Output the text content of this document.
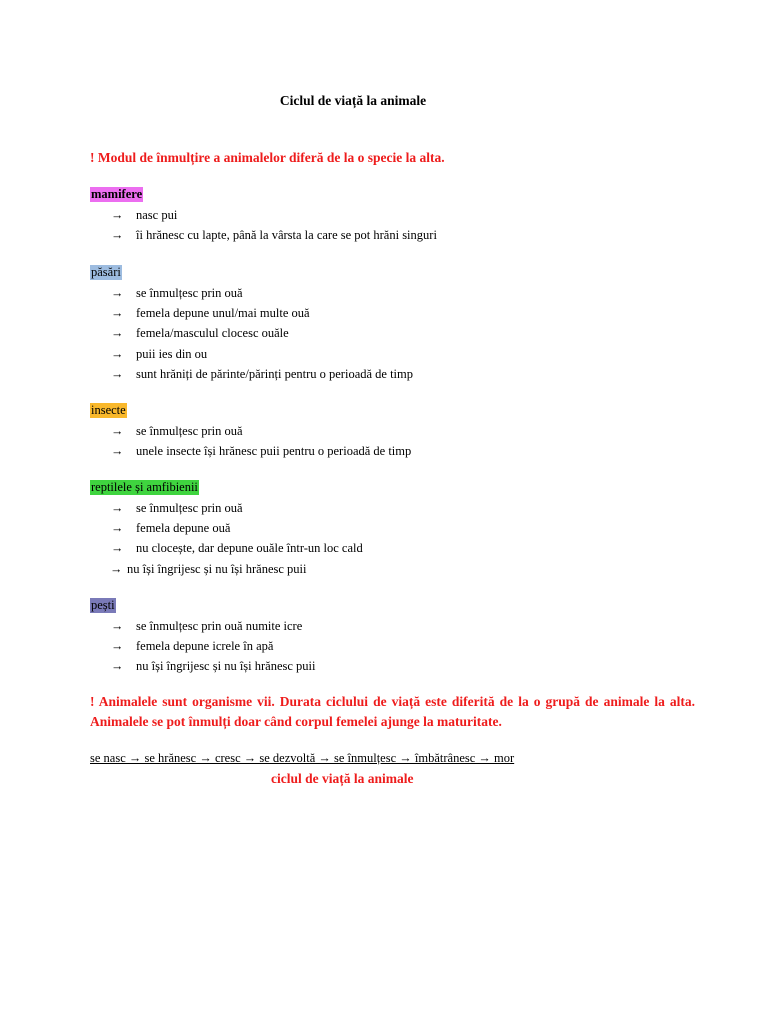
Ciclul de viață la animale
! Modul de înmulțire a animalelor diferă de la o specie la alta.
mamifere
→ nasc pui
→ îi hrănesc cu lapte, până la vârsta la care se pot hrăni singuri
păsări
→ se înmulțesc prin ouă
→ femela depune unul/mai multe ouă
→ femela/masculul clocesc ouăle
→ puii ies din ou
→ sunt hrăniți de părinte/părinți pentru o perioadă de timp
insecte
→ se înmulțesc prin ouă
→ unele insecte își hrănesc puii pentru o perioadă de timp
reptilele și amfibienii
→ se înmulțesc prin ouă
→ femela depune ouă
→ nu clocește, dar depune ouăle într-un loc cald
→ nu își îngrijesc și nu își hrănesc puii
pești
→ se înmulțesc prin ouă numite icre
→ femela depune icrele în apă
→ nu își îngrijesc și nu își hrănesc puii
! Animalele sunt organisme vii. Durata ciclului de viață este diferită de la o grupă de animale la alta. Animalele se pot înmulți doar când corpul femelei ajunge la maturitate.
se nasc → se hrănesc → cresc → se dezvoltă → se înmulțesc → îmbătrânesc → mor
ciclul de viață la animale
